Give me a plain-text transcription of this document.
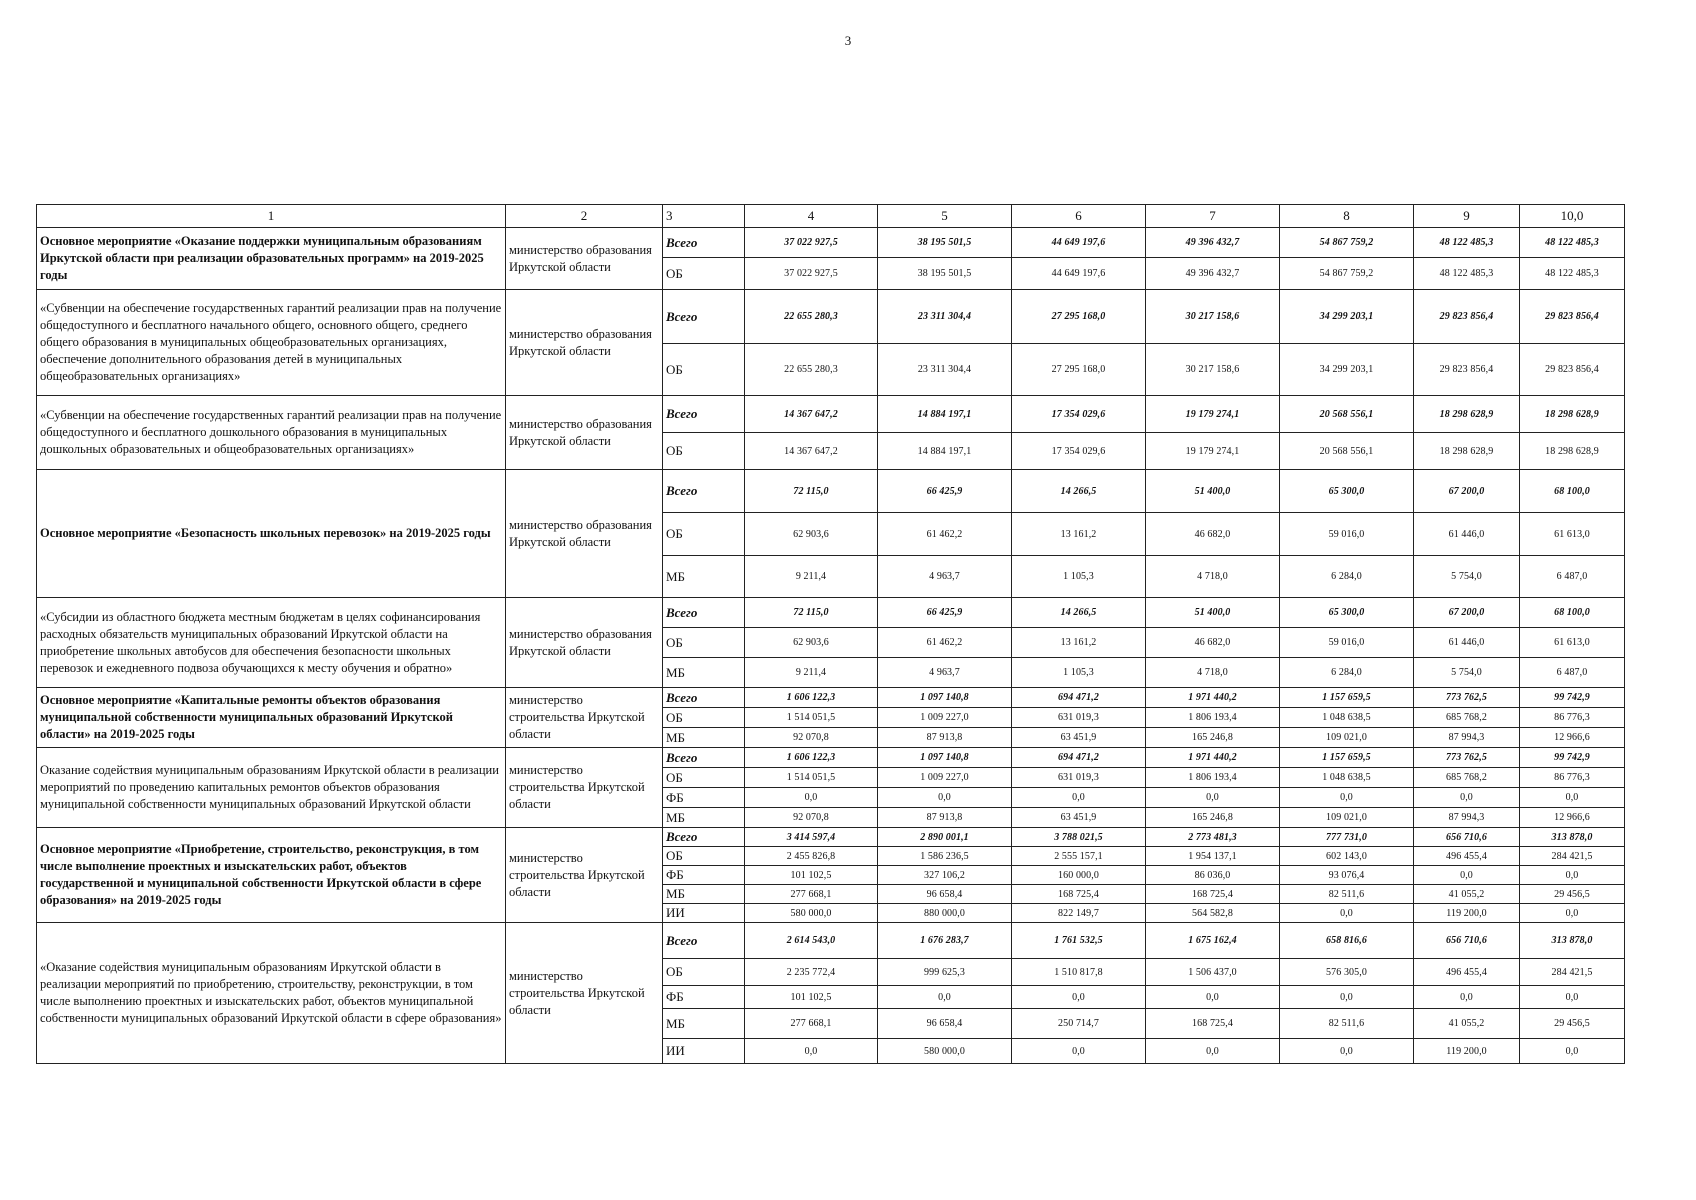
3
1	2	3	4	5	6	7	8	9	10,0
Основное мероприятие «Оказание поддержки муниципальным образованиям Иркутской области при реализации образовательных программ» на 2019-2025 годы	министерство образования Иркутской области	Всего	37 022 927,5	38 195 501,5	44 649 197,6	49 396 432,7	54 867 759,2	48 122 485,3	48 122 485,3
		ОБ	37 022 927,5	38 195 501,5	44 649 197,6	49 396 432,7	54 867 759,2	48 122 485,3	48 122 485,3
«Субвенции на обеспечение государственных гарантий реализации прав на получение общедоступного и бесплатного начального общего, основного общего, среднего общего образования в муниципальных общеобразовательных организациях, обеспечение дополнительного образования детей в муниципальных общеобразовательных организациях»	министерство образования Иркутской области	Всего	22 655 280,3	23 311 304,4	27 295 168,0	30 217 158,6	34 299 203,1	29 823 856,4	29 823 856,4
		ОБ	22 655 280,3	23 311 304,4	27 295 168,0	30 217 158,6	34 299 203,1	29 823 856,4	29 823 856,4
«Субвенции на обеспечение государственных гарантий реализации прав на получение общедоступного и бесплатного дошкольного образования в муниципальных дошкольных образовательных и общеобразовательных организациях»	министерство образования Иркутской области	Всего	14 367 647,2	14 884 197,1	17 354 029,6	19 179 274,1	20 568 556,1	18 298 628,9	18 298 628,9
		ОБ	14 367 647,2	14 884 197,1	17 354 029,6	19 179 274,1	20 568 556,1	18 298 628,9	18 298 628,9
Основное мероприятие «Безопасность школьных перевозок» на 2019-2025 годы	министерство образования Иркутской области	Всего	72 115,0	66 425,9	14 266,5	51 400,0	65 300,0	67 200,0	68 100,0
		ОБ	62 903,6	61 462,2	13 161,2	46 682,0	59 016,0	61 446,0	61 613,0
		МБ	9 211,4	4 963,7	1 105,3	4 718,0	6 284,0	5 754,0	6 487,0
«Субсидии из областного бюджета местным бюджетам в целях софинансирования расходных обязательств муниципальных образований Иркутской области на приобретение школьных автобусов для обеспечения безопасности школьных перевозок и ежедневного подвоза обучающихся к месту обучения и обратно»	министерство образования Иркутской области	Всего	72 115,0	66 425,9	14 266,5	51 400,0	65 300,0	67 200,0	68 100,0
		ОБ	62 903,6	61 462,2	13 161,2	46 682,0	59 016,0	61 446,0	61 613,0
		МБ	9 211,4	4 963,7	1 105,3	4 718,0	6 284,0	5 754,0	6 487,0
Основное мероприятие «Капитальные ремонты объектов образования муниципальной собственности муниципальных образований Иркутской области» на 2019-2025 годы	министерство строительства Иркутской области	Всего	1 606 122,3	1 097 140,8	694 471,2	1 971 440,2	1 157 659,5	773 762,5	99 742,9
		ОБ	1 514 051,5	1 009 227,0	631 019,3	1 806 193,4	1 048 638,5	685 768,2	86 776,3
		МБ	92 070,8	87 913,8	63 451,9	165 246,8	109 021,0	87 994,3	12 966,6
Оказание содействия муниципальным образованиям Иркутской области в реализации мероприятий по проведению капитальных ремонтов объектов образования муниципальной собственности муниципальных образований Иркутской области	министерство строительства Иркутской области	Всего	1 606 122,3	1 097 140,8	694 471,2	1 971 440,2	1 157 659,5	773 762,5	99 742,9
		ОБ	1 514 051,5	1 009 227,0	631 019,3	1 806 193,4	1 048 638,5	685 768,2	86 776,3
		ФБ	0,0	0,0	0,0	0,0	0,0	0,0	0,0
		МБ	92 070,8	87 913,8	63 451,9	165 246,8	109 021,0	87 994,3	12 966,6
Основное мероприятие «Приобретение, строительство, реконструкция, в том числе выполнение проектных и изыскательских работ, объектов государственной и муниципальной собственности Иркутской области в сфере образования» на 2019-2025 годы	министерство строительства Иркутской области	Всего	3 414 597,4	2 890 001,1	3 788 021,5	2 773 481,3	777 731,0	656 710,6	313 878,0
		ОБ	2 455 826,8	1 586 236,5	2 555 157,1	1 954 137,1	602 143,0	496 455,4	284 421,5
		ФБ	101 102,5	327 106,2	160 000,0	86 036,0	93 076,4	0,0	0,0
		МБ	277 668,1	96 658,4	168 725,4	168 725,4	82 511,6	41 055,2	29 456,5
		ИИ	580 000,0	880 000,0	822 149,7	564 582,8	0,0	119 200,0	0,0
«Оказание содействия муниципальным образованиям Иркутской области в реализации мероприятий по приобретению, строительству, реконструкции, в том числе выполнению проектных и изыскательских работ, объектов муниципальной собственности муниципальных образований Иркутской области в сфере образования»	министерство строительства Иркутской области	Всего	2 614 543,0	1 676 283,7	1 761 532,5	1 675 162,4	658 816,6	656 710,6	313 878,0
		ОБ	2 235 772,4	999 625,3	1 510 817,8	1 506 437,0	576 305,0	496 455,4	284 421,5
		ФБ	101 102,5	0,0	0,0	0,0	0,0	0,0	0,0
		МБ	277 668,1	96 658,4	250 714,7	168 725,4	82 511,6	41 055,2	29 456,5
		ИИ	0,0	580 000,0	0,0	0,0	0,0	119 200,0	0,0
